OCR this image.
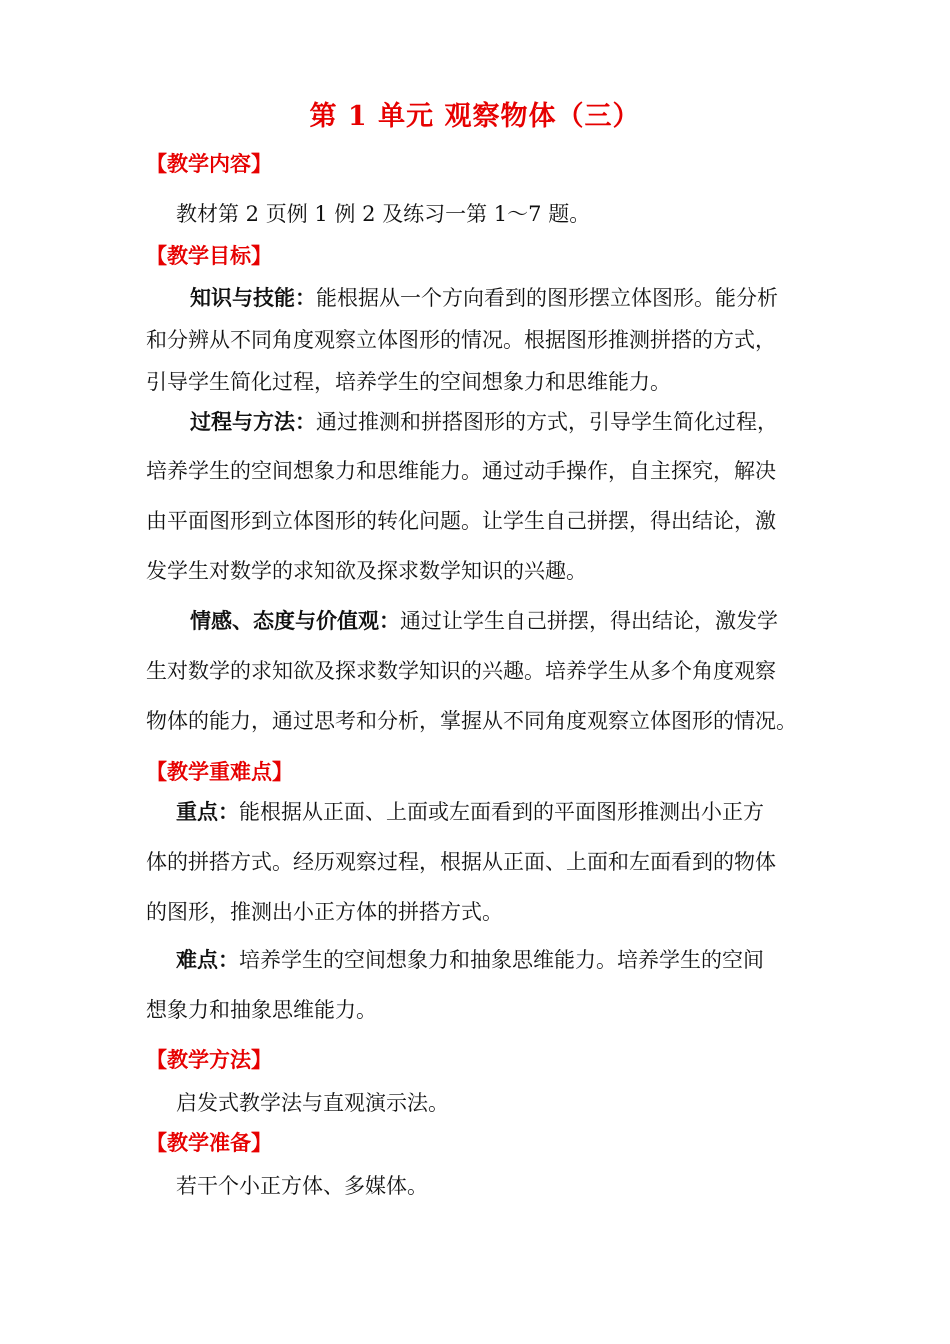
第 1 单元 观察物体（三）
【教学内容】
教材第 2 页例 1 例 2 及练习一第 1～7 题。
【教学目标】
知识与技能：能根据从一个方向看到的图形摆立体图形。能分析
和分辨从不同角度观察立体图形的情况。根据图形推测拼搭的方式，
引导学生简化过程，培养学生的空间想象力和思维能力。
过程与方法：通过推测和拼搭图形的方式，引导学生简化过程，
培养学生的空间想象力和思维能力。通过动手操作，自主探究，解决
由平面图形到立体图形的转化问题。让学生自己拼摆，得出结论，激
发学生对数学的求知欲及探求数学知识的兴趣。
情感、态度与价值观：通过让学生自己拼摆，得出结论，激发学
生对数学的求知欲及探求数学知识的兴趣。培养学生从多个角度观察
物体的能力，通过思考和分析，掌握从不同角度观察立体图形的情况。
【教学重难点】
重点：能根据从正面、上面或左面看到的平面图形推测出小正方
体的拼搭方式。经历观察过程，根据从正面、上面和左面看到的物体
的图形，推测出小正方体的拼搭方式。
难点：培养学生的空间想象力和抽象思维能力。培养学生的空间
想象力和抽象思维能力。
【教学方法】
启发式教学法与直观演示法。
【教学准备】
若干个小正方体、多媒体。
